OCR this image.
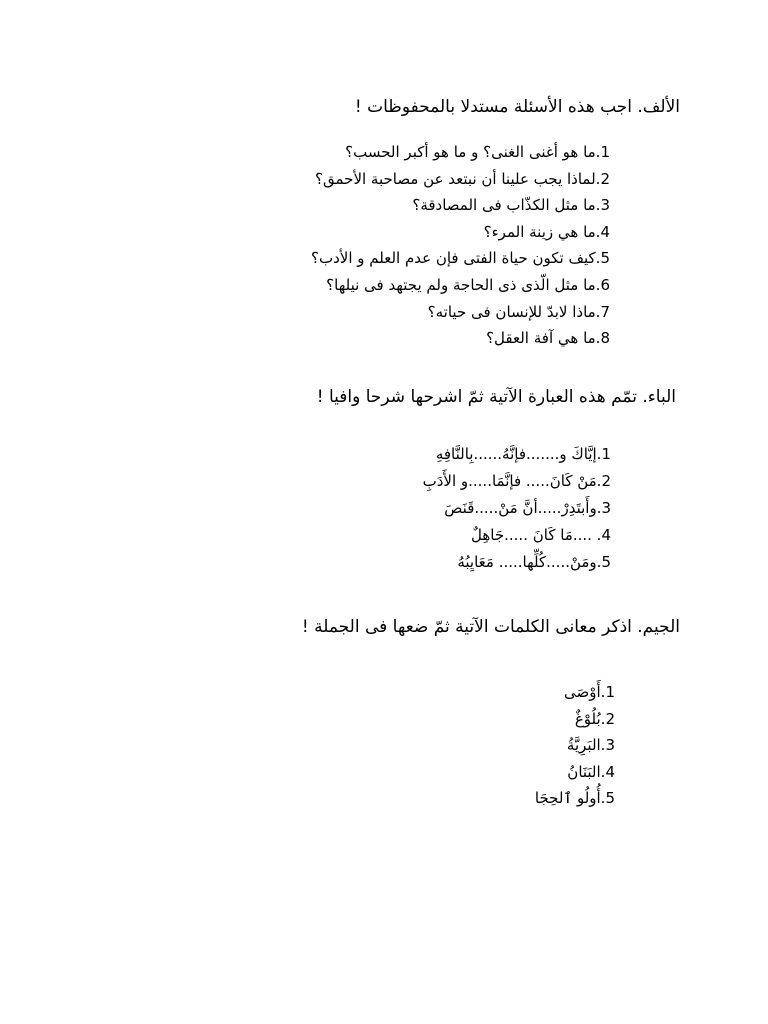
الألف. اجب هذه الأسئلة مستدلا بالمحفوظات !
1.ما هو أغنى الغنى؟ و ما هو أكبر الحسب؟
2.لماذا يجب علينا أن نبتعد عن مصاحبة الأحمق؟
3.ما مثل الكذّاب فى المصادقة؟
4.ما هي زينة المرء؟
5.كيف تكون حياة الفتى فإن عدم العلم و الأدب؟
6.ما مثل الّذى ذى الحاجة ولم يجتهد فى نيلها؟
7.ماذا لابدّ للإنسان فى حياته؟
8.ما هي آفة العقل؟
الباء. تمّم هذه العبارة الآتية ثمّ اشرحها شرحا وافيا !
1.إيَّاكَ و.......فإنَّهُ......بِالنَّافِهِ
2.مَنْ كَانَ..... فإنَّمَا.....و الأَدَبِ
3.وأَبتَدِرْ.....أنَّ مَنْ.....قَنَصَ
4. ....مَا كَانَ .....جَاهِلٌ
5.ومَنْ.....كُلِّها..... مَعَايِبُهُ
الجيم. اذكر معانى الكلمات الآتية ثمّ ضعها فى الجملة !
1.أَوْصَى
2.بُلُوْغٌ
3.البَرِيَّةُ
4.البَنَانُ
5.أُولُو ٱلحِجَا
